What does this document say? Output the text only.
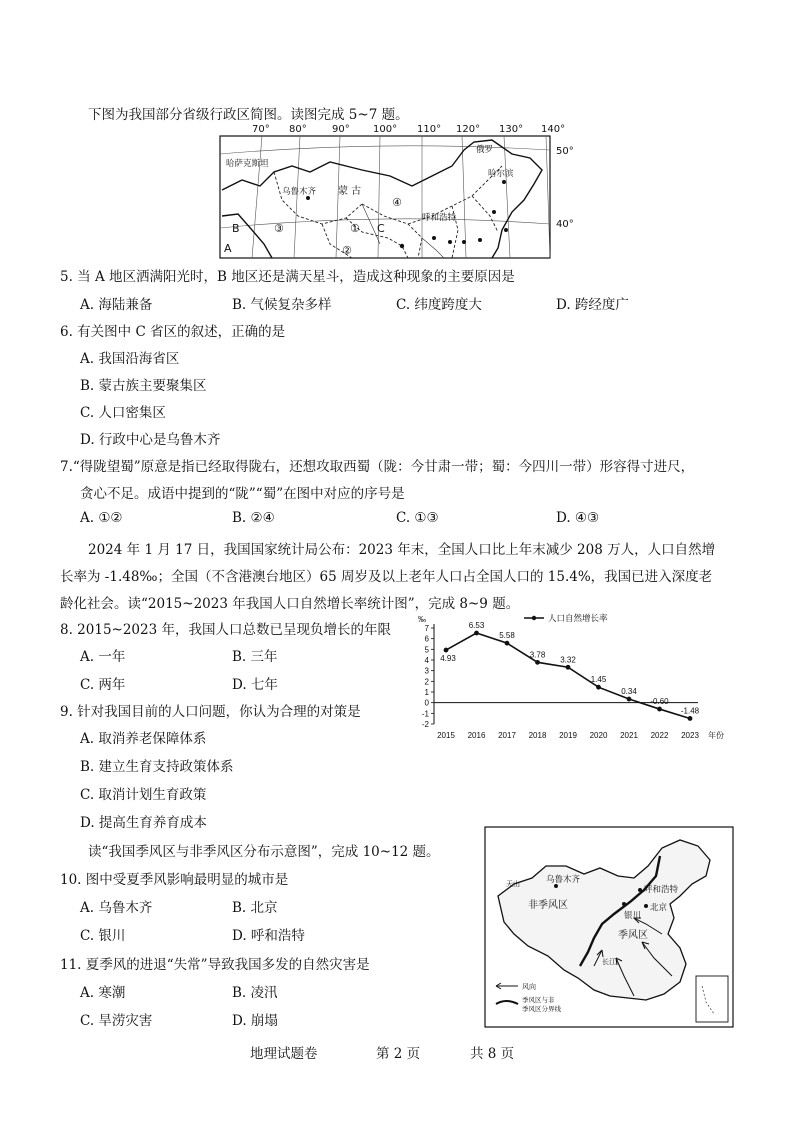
下图为我国部分省级行政区简图。读图完成 5~7 题。
70° 80°	90° 100° 110° 120° 130° 140°
50°
40°
哈萨克斯坦
乌鲁木齐 蒙 古
呼和浩特
哈尔滨
俄罗
B
A
C
①
②
③
④
5. 当 A 地区洒满阳光时，B 地区还是满天星斗，造成这种现象的主要原因是
A. 海陆兼备	B. 气候复杂多样	C. 纬度跨度大	D. 跨经度广
6. 有关图中 C 省区的叙述，正确的是
A. 我国沿海省区
B. 蒙古族主要聚集区
C. 人口密集区
D. 行政中心是乌鲁木齐
7.“得陇望蜀”原意是指已经取得陇右，还想攻取西蜀（陇：今甘肃一带；蜀：今四川一带）形容得寸进尺，
贪心不足。成语中提到的“陇”“蜀”在图中对应的序号是
A. ①②	B. ②④	C. ①③	D. ④③
2024 年 1 月 17 日，我国国家统计局公布：2023 年末，全国人口比上年末减少 208 万人，人口自然增
长率为 -1.48‰；全国（不含港澳台地区）65 周岁及以上老年人口占全国人口的 15.4%，我国已进入深度老
龄化社会。读“2015~2023 年我国人口自然增长率统计图”，完成 8~9 题。
8. 2015~2023 年，我国人口总数已呈现负增长的年限
A. 一年	B. 三年
C. 两年	D. 七年
7
6
5
4
3
2
1
0
-1
-2
‰
2015 2016 2017 2018 2019 2020 2021 2022 2023 年份
4.93
6.53
5.58
3.78
3.32
1.45
0.34
-0.60
-1.48
人口自然增长率
9. 针对我国目前的人口问题，你认为合理的对策是
A. 取消养老保障体系
B. 建立生育支持政策体系
C. 取消计划生育政策
D. 提高生育养育成本
读“我国季风区与非季风区分布示意图”，完成 10~12 题。
10. 图中受夏季风影响最明显的城市是
A. 乌鲁木齐	B. 北京
C. 银川	D. 呼和浩特
11. 夏季风的进退“失常”导致我国多发的自然灾害是
A. 寒潮	B. 凌汛
C. 旱涝灾害	D. 崩塌
乌鲁木齐
非季风区
呼和浩特
银川
北京
季风区
天山
长江
风向
季风区与非
季风区分界线
地理试题卷	第 2 页	共 8 页
